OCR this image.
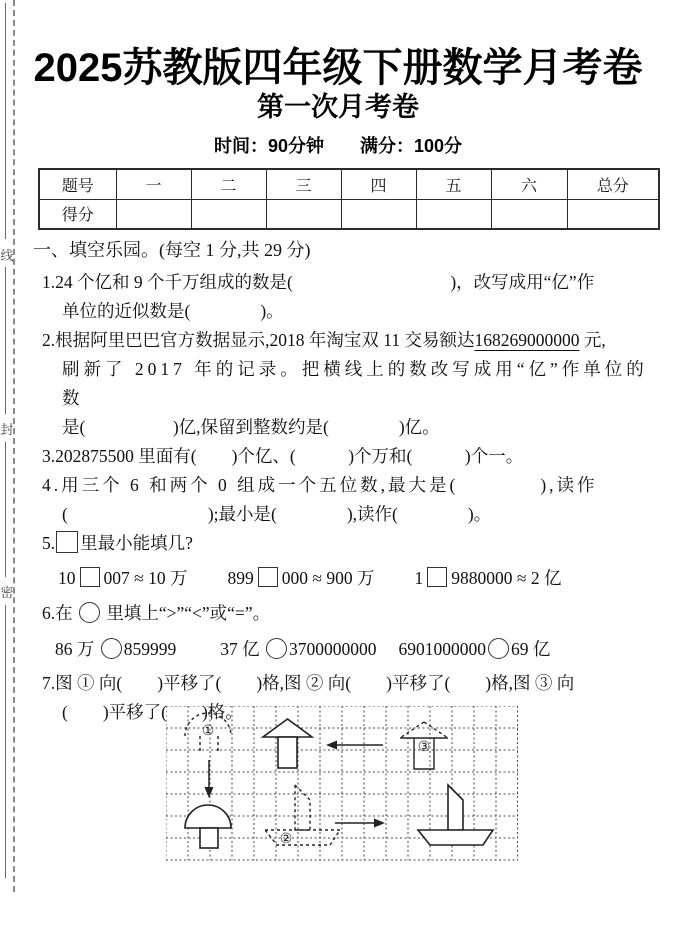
线
封
密
2025苏教版四年级下册数学月考卷
第一次月考卷
时间：90分钟　　满分：100分
题号	一	二	三	四	五	六	总分
得分							
一、填空乐园。(每空 1 分,共 29 分)
1.24 个亿和 9 个千万组成的数是(　　　　　　　　　)，改写成用“亿”作
单位的近似数是(　　　　)。
2.根据阿里巴巴官方数据显示,2018 年淘宝双 11 交易额达168269000000 元,
刷新了 2017 年的记录。把横线上的数改写成用“亿”作单位的数
是(　　　　　)亿,保留到整数约是(　　　　)亿。
3.202875500 里面有(　　)个亿、(　　　)个万和(　　　)个一。
4.用三个 6 和两个 0 组成一个五位数,最大是(　　　　),读作
(　　　　　　　　);最小是(　　　　),读作(　　　　)。
5. 里最小能填几?
10 007 ≈ 10 万 899 000 ≈ 900 万 1 9880000 ≈ 2 亿
6.在  里填上“>”“<”或“=”。
86 万 859999	37 亿 3700000000 6901000000 69 亿
7.图 ① 向(　　)平移了(　　)格,图 ② 向(　　)平移了(　　)格,图 ③ 向
(　　)平移了(　　)格。
①
③
②
